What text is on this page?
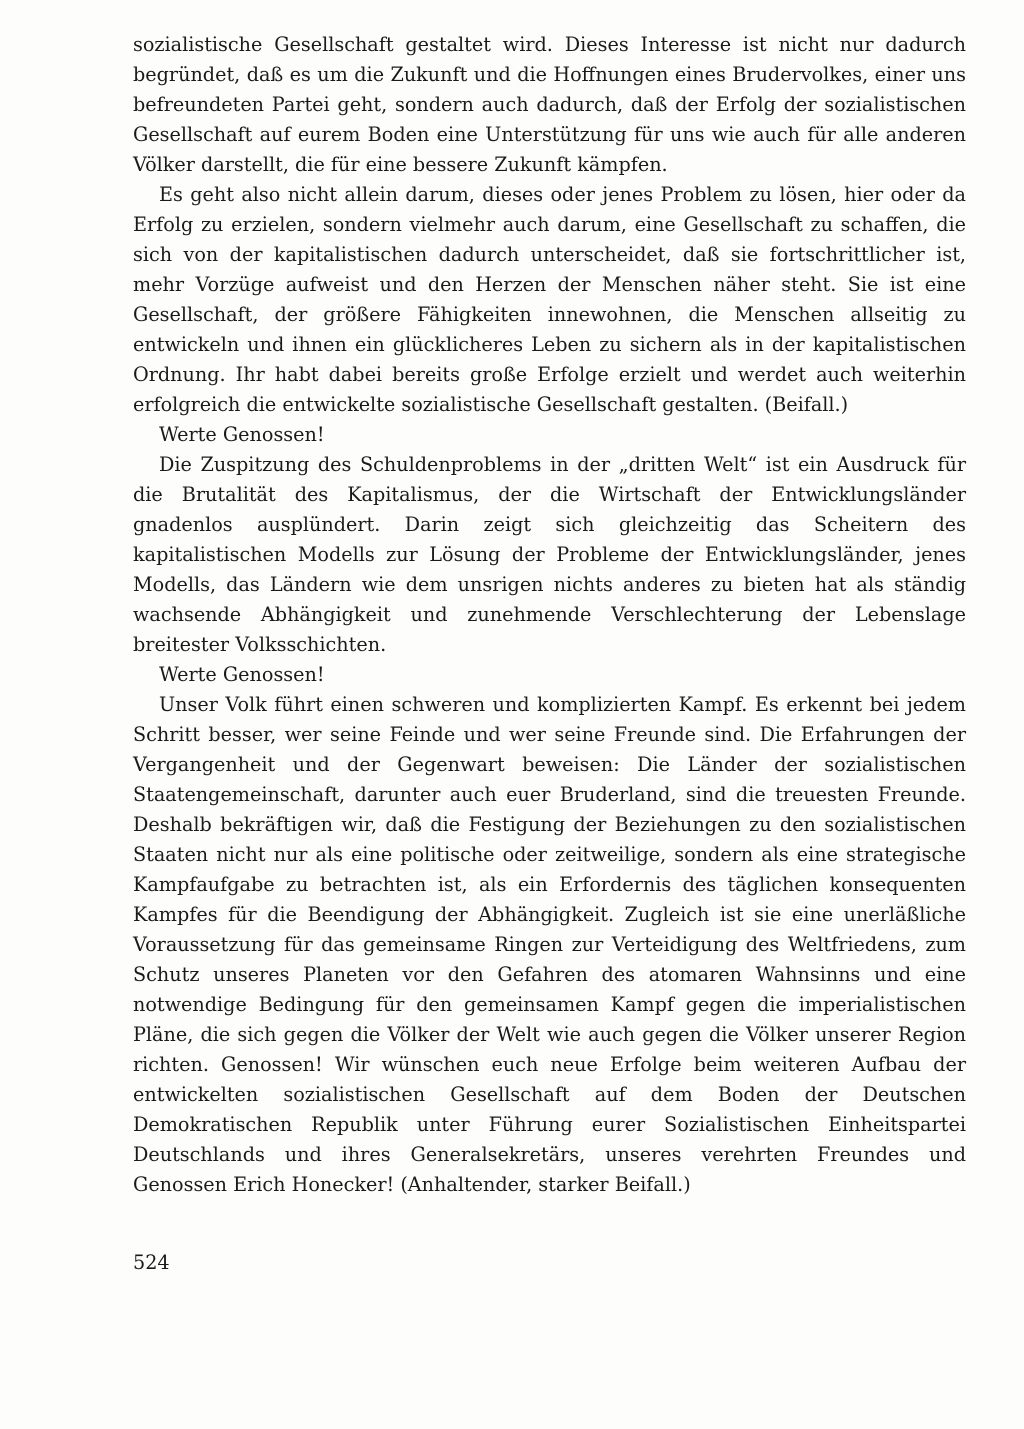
sozialistische Gesellschaft gestaltet wird. Dieses Interesse ist nicht nur dadurch begründet, daß es um die Zukunft und die Hoffnungen eines Brudervolkes, einer uns befreundeten Partei geht, sondern auch dadurch, daß der Erfolg der sozialistischen Gesellschaft auf eurem Boden eine Unterstützung für uns wie auch für alle anderen Völker darstellt, die für eine bessere Zukunft kämpfen.

Es geht also nicht allein darum, dieses oder jenes Problem zu lösen, hier oder da Erfolg zu erzielen, sondern vielmehr auch darum, eine Gesellschaft zu schaffen, die sich von der kapitalistischen dadurch unterscheidet, daß sie fortschrittlicher ist, mehr Vorzüge aufweist und den Herzen der Menschen näher steht. Sie ist eine Gesellschaft, der größere Fähigkeiten innewohnen, die Menschen allseitig zu entwickeln und ihnen ein glücklicheres Leben zu sichern als in der kapitalistischen Ordnung. Ihr habt dabei bereits große Erfolge erzielt und werdet auch weiterhin erfolgreich die entwickelte sozialistische Gesellschaft gestalten. (Beifall.)

Werte Genossen!

Die Zuspitzung des Schuldenproblems in der „dritten Welt“ ist ein Ausdruck für die Brutalität des Kapitalismus, der die Wirtschaft der Entwicklungsländer gnadenlos ausplündert. Darin zeigt sich gleichzeitig das Scheitern des kapitalistischen Modells zur Lösung der Probleme der Entwicklungsländer, jenes Modells, das Ländern wie dem unsrigen nichts anderes zu bieten hat als ständig wachsende Abhängigkeit und zunehmende Verschlechterung der Lebenslage breitester Volksschichten.

Werte Genossen!

Unser Volk führt einen schweren und komplizierten Kampf. Es erkennt bei jedem Schritt besser, wer seine Feinde und wer seine Freunde sind. Die Erfahrungen der Vergangenheit und der Gegenwart beweisen: Die Länder der sozialistischen Staatengemeinschaft, darunter auch euer Bruderland, sind die treuesten Freunde. Deshalb bekräftigen wir, daß die Festigung der Beziehungen zu den sozialistischen Staaten nicht nur als eine politische oder zeitweilige, sondern als eine strategische Kampfaufgabe zu betrachten ist, als ein Erfordernis des täglichen konsequenten Kampfes für die Beendigung der Abhängigkeit. Zugleich ist sie eine unerläßliche Voraussetzung für das gemeinsame Ringen zur Verteidigung des Weltfriedens, zum Schutz unseres Planeten vor den Gefahren des atomaren Wahnsinns und eine notwendige Bedingung für den gemeinsamen Kampf gegen die imperialistischen Pläne, die sich gegen die Völker der Welt wie auch gegen die Völker unserer Region richten. Genossen! Wir wünschen euch neue Erfolge beim weiteren Aufbau der entwickelten sozialistischen Gesellschaft auf dem Boden der Deutschen Demokratischen Republik unter Führung eurer Sozialistischen Einheitspartei Deutschlands und ihres Generalsekretärs, unseres verehrten Freundes und Genossen Erich Honecker! (Anhaltender, starker Beifall.)

524
